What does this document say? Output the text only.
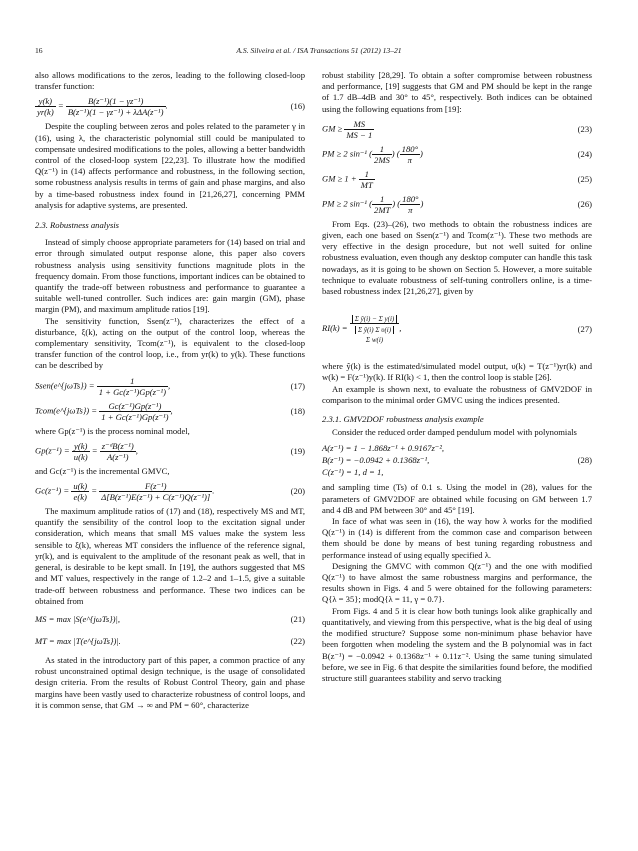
16	A.S. Silveira et al. / ISA Transactions 51 (2012) 13–21

also allows modifications to the zeros, leading to the following closed-loop transfer function:

$\frac{y(k)}{yr(k)} = \frac{\text{B(z⁻¹)(1 − γz⁻¹)}}{\text{B(z⁻¹)(1 − γz⁻¹) + λΔA(z⁻¹)}}$ .	(16)

Despite the coupling between zeros and poles related to the parameter γ in (16), using λ, the characteristic polynomial still could be manipulated to compensate undesired modifications to the poles, allowing a better bandwidth control of the closed-loop system [22,23]. To illustrate how the modified Q(z⁻¹) in (14) affects performance and robustness, in the following section, some robustness analysis results in terms of gain and phase margins, and also by a time-based robustness index found in [21,26,27], concerning PMM analysis for adaptive systems, are presented.

2.3. Robustness analysis

Instead of simply choose appropriate parameters for (14) based on trial and error through simulated output response alone, this paper also covers robustness analysis using sensitivity functions magnitude plots in the frequency domain. From those functions, important indices can be obtained to quantify the trade-off between robustness and performance to guarantee a suitable well-tuned controller. Such indices are: gain margin (GM), phase margin (PM), and maximum amplitude ratios [19].

The sensitivity function, Ssen(z⁻¹), characterizes the effect of a disturbance, ξ(k), acting on the output of the control loop, whereas the complementary sensitivity, Tcom(z⁻¹), is equivalent to the closed-loop transfer function of the control loop, i.e., from yr(k) to y(k). These functions can be described by

Ssen(e^{jωTs}) = $\frac{1}{\text{1 + Gc(z⁻¹)Gp(z⁻¹)}}$ ,	(17)
Tcom(e^{jωTs}) = $\frac{\text{Gc(z⁻¹)Gp(z⁻¹)}}{\text{1 + Gc(z⁻¹)Gp(z⁻¹)}}$ ,	(18)

where Gp(z⁻¹) is the process nominal model,

$Gp(z^{-1}) = \frac{y(k)}{u(k)} = \frac{\text{z⁻ᵈB(z⁻¹)}}{\text{A(z⁻¹)}}$ ,	(19)

and Gc(z⁻¹) is the incremental GMVC,

$Gc(z^{-1}) = \frac{u(k)}{e(k)} = \frac{\text{F(z⁻¹)}}{\text{Δ[B(z⁻¹)E(z⁻¹) + C(z⁻¹)Q(z⁻¹)]}}$ .	(20)

The maximum amplitude ratios of (17) and (18), respectively MS and MT, quantify the sensibility of the control loop to the excitation signal under consideration, which means that small MS values make the system less sensible to ξ(k), whereas MT considers the influence of the reference signal, yr(k), and is equivalent to the amplitude of the resonant peak as well, that in general, is desirable to be kept small. In [19], the authors suggested that MS and MT values, respectively in the range of 1.2–2 and 1–1.5, give a suitable trade-off between robustness and performance. These two indices can be obtained from

MS = max |S(e^{jωTs})|,	(21)
MT = max |T(e^{jωTs})|.	(22)

As stated in the introductory part of this paper, a common practice of any robust unconstrained optimal design technique, is the usage of consolidated design criteria. From the results of Robust Control Theory, gain and phase margins have been vastly used to characterize robustness of control loops, and it is common sense, that GM → ∞ and PM = 60°, characterize

robust stability [28,29]. To obtain a softer compromise between robustness and performance, [19] suggests that GM and PM should be kept in the range of 1.7 dB–4dB and 30° to 45°, respectively. Both indices can be obtained using the following equations from [19]:

GM ≥ $\frac{MS}{MS - 1}$	(23)
PM ≥ 2 sin⁻¹ ( $\frac{1}{2MS}$ ) ( $\frac{180^\circ}{\pi}$ )	(24)
GM ≥ $1 + \frac{1}{MT}$	(25)
PM ≥ 2 sin⁻¹ ( $\frac{1}{2MT}$ ) ( $\frac{180^\circ}{\pi}$ )	(26)

From Eqs. (23)–(26), two methods to obtain the robustness indices are given, each one based on Ssen(z⁻¹) and Tcom(z⁻¹). These two methods are very effective in the design procedure, but not well suited for online robustness evaluation, even though any desktop computer can handle this task nowadays, as it is going to be shown on Section 5. However, a more suitable technique to evaluate robustness of self-tuning controllers online, is a time-based robustness index [21,26,27], given by

RI(k) =
Σ ŷ(i) − Σ y(i)
Σ ŷ(i) Σ υ(i)
Σ w(i)
,	(27)

where ŷ(k) is the estimated/simulated model output, υ(k) = T(z⁻¹)yr(k) and w(k) = F(z⁻¹)y(k). If RI(k) < 1, then the control loop is stable [26].

An example is shown next, to evaluate the robustness of GMV2DOF in comparison to the minimal order GMVC using the indices presented.

2.3.1. GMV2DOF robustness analysis example

Consider the reduced order damped pendulum model with polynomials

A(z⁻¹) = 1 − 1.868z⁻¹ + 0.9167z⁻²,
B(z⁻¹) = −0.0942 + 0.1368z⁻¹,	(28)
C(z⁻¹) = 1, d = 1,

and sampling time (Ts) of 0.1 s. Using the model in (28), values for the parameters of GMV2DOF are obtained while focusing on GM between 1.7 and 4 dB and PM between 30° and 45° [19].

In face of what was seen in (16), the way how λ works for the modified Q(z⁻¹) in (14) is different from the common case and comparison between them should be done by means of best tuning regarding robustness and performance instead of using equally specified λ.

Designing the GMVC with common Q(z⁻¹) and the one with modified Q(z⁻¹) to have almost the same robustness margins and performance, the results shown in Figs. 4 and 5 were obtained for the following parameters: Q{λ = 35}; modQ{λ = 11, γ = 0.7}.

From Figs. 4 and 5 it is clear how both tunings look alike graphically and quantitatively, and viewing from this perspective, what is the big deal of using the modified structure? Suppose some non-minimum phase behavior have been forgotten when modeling the system and the B polynomial was in fact B(z⁻¹) = −0.0942 + 0.1368z⁻¹ + 0.11z⁻². Using the same tuning simulated before, we see in Fig. 6 that despite the similarities found before, the modified structure still guarantees stability and servo tracking
